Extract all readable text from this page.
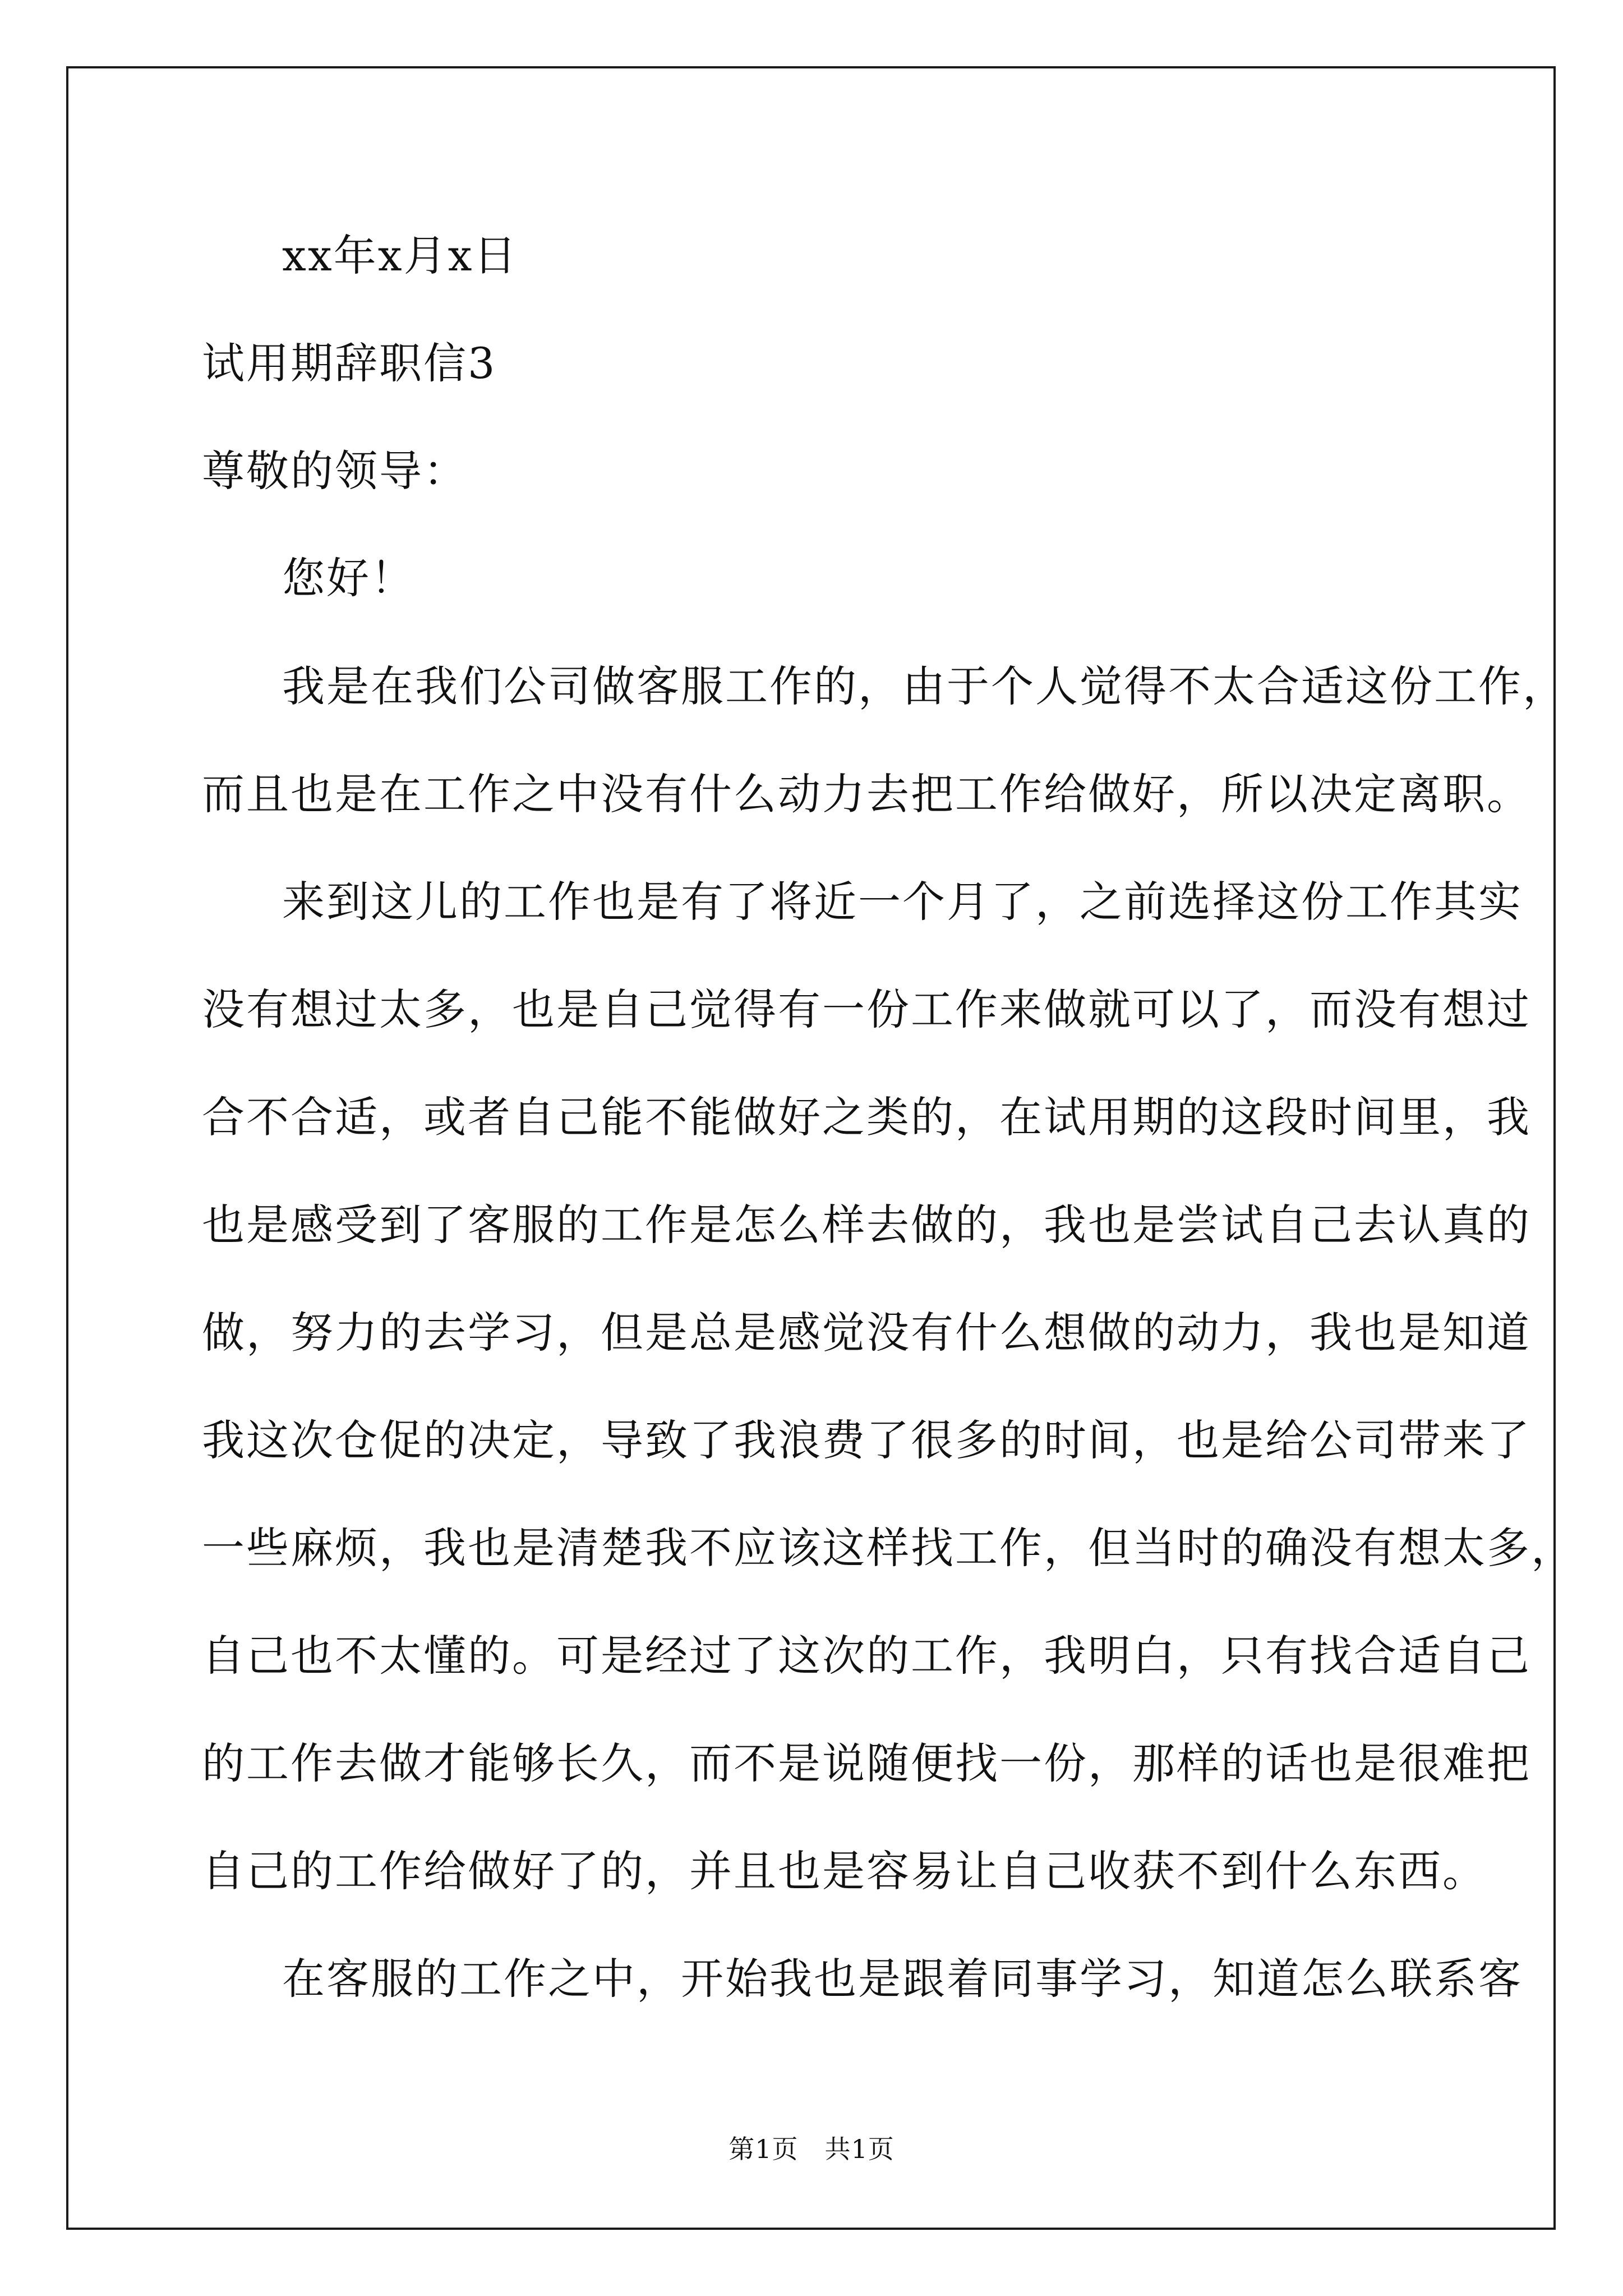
xx年x月x日
试用期辞职信3
尊敬的领导：
您好！
我是在我们公司做客服工作的，由于个人觉得不太合适这份工作，
而且也是在工作之中没有什么动力去把工作给做好，所以决定离职。
来到这儿的工作也是有了将近一个月了，之前选择这份工作其实
没有想过太多，也是自己觉得有一份工作来做就可以了，而没有想过
合不合适，或者自己能不能做好之类的，在试用期的这段时间里，我
也是感受到了客服的工作是怎么样去做的，我也是尝试自己去认真的
做，努力的去学习，但是总是感觉没有什么想做的动力，我也是知道
我这次仓促的决定，导致了我浪费了很多的时间，也是给公司带来了
一些麻烦，我也是清楚我不应该这样找工作，但当时的确没有想太多，
自己也不太懂的。可是经过了这次的工作，我明白，只有找合适自己
的工作去做才能够长久，而不是说随便找一份，那样的话也是很难把
自己的工作给做好了的，并且也是容易让自己收获不到什么东西。
在客服的工作之中，开始我也是跟着同事学习，知道怎么联系客
第1页　共1页
